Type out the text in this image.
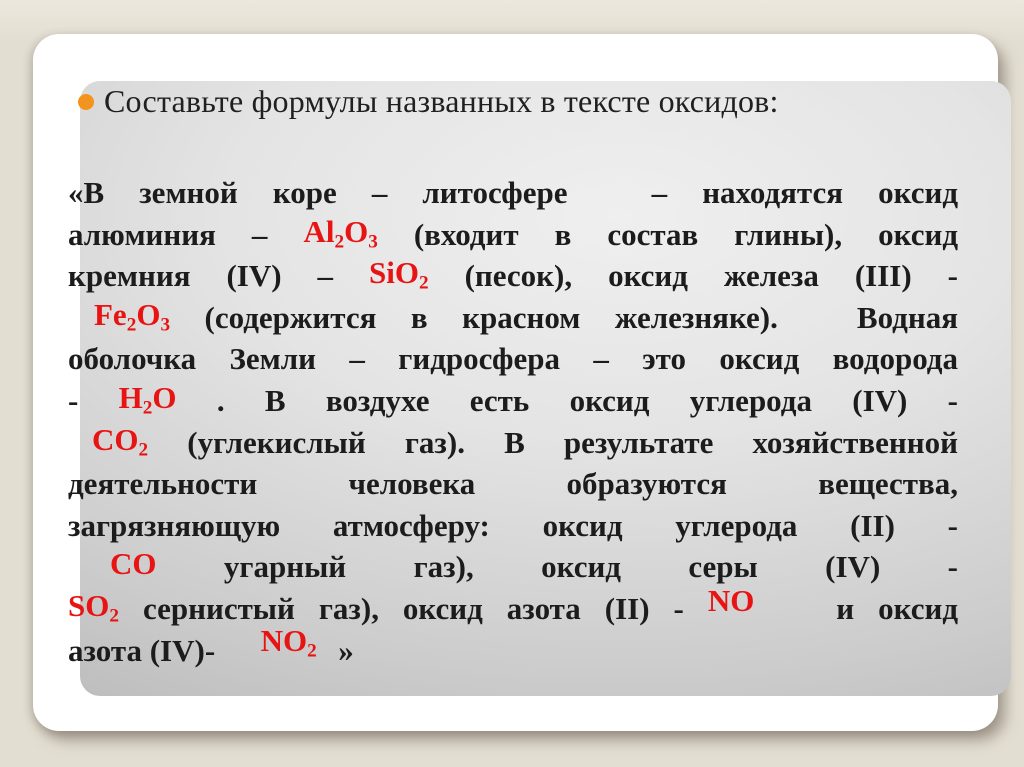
Составьте формулы названных в тексте оксидов:
«В земной коре – литосфере	– находятся оксид
алюминия – $Al_2O_3$ (входит в состав глины), оксид
кремния (IV) – SiO$_2$ (песок), оксид железа (III) -
$Fe_2O_3$ (содержится в красном железняке).	Водная
оболочка Земли – гидросфера – это оксид водорода
- $H_2O$ . В воздухе есть оксид углерода (IV) -
$CO_2$ (углекислый газ). В результате хозяйственной
деятельности человека образуются вещества,
загрязняющую атмосферу: оксид углерода (II) -
CO угарный газ), оксид серы (IV) -
$SO_2$ сернистый газ), оксид азота (II) - NO	и оксид
азота (IV)- $NO_2$ »
